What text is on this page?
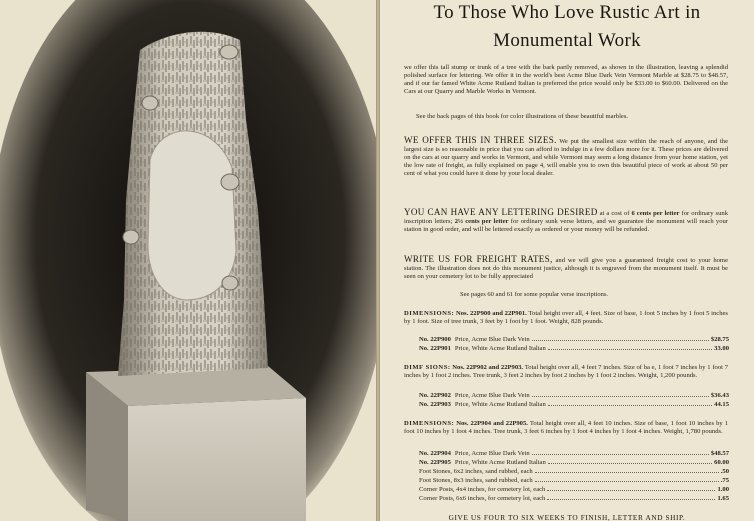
To Those Who Love Rustic Art in
Monumental Work
we offer this tall stump or trunk of a tree with the bark partly removed, as shown in the illustration, leaving a splendid polished surface for lettering. We offer it in the world's best Acme Blue Dark Vein Vermont Marble at $28.75 to $48.57, and if our far famed White Acme Rutland Italian is preferred the price would only be $33.00 to $60.00. Delivered on the Cars at our Quarry and Marble Works in Vermont.
See the back pages of this book for color illustrations of these beautiful marbles.
WE OFFER THIS IN THREE SIZES. We put the smallest size within the reach of anyone, and the largest size is so reasonable in price that you can afford to indulge in a few dollars more for it. These prices are delivered on the cars at our quarry and works in Vermont, and while Vermont may seem a long distance from your home station, yet the low rate of freight, as fully explained on page 4, will enable you to own this beautiful piece of work at about 50 per cent of what you could have it done by your local dealer.
YOU CAN HAVE ANY LETTERING DESIRED at a cost of 6 cents per letter for ordinary sunk inscription letters; 2½ cents per letter for ordinary sunk verse letters, and we guarantee the monument will reach your station in good order, and will be lettered exactly as ordered or your money will be refunded.
WRITE US FOR FREIGHT RATES, and we will give you a guaranteed freight cost to your home station. The illustration does not do this monument justice, although it is engraved from the monument itself. It must be seen on your cemetery lot to be fully appreciated
See pages 60 and 61 for some popular verse inscriptions.
DIMENSIONS: Nos. 22P900 and 22P901. Total height over all, 4 feet. Size of base, 1 foot 5 inches by 1 foot 5 inches by 1 foot. Size of tree trunk, 3 feet by 1 foot by 1 foot. Weight, 828 pounds.
No. 22P900 Price, Acme Blue Dark Vein	$28.75
No. 22P901 Price, White Acme Rutland Italian	33.00
DIMF SIONS: Nos. 22P902 and 22P903. Total height over all, 4 feet 7 inches. Size of ba e, 1 foot 7 inches by 1 foot 7 inches by 1 foot 2 inches. Tree trunk, 3 feet 2 inches by foot 2 inches by 1 foot 2 inches. Weight, 1,200 pounds.
No. 22P902 Price, Acme Blue Dark Vein	$36.43
No. 22P903 Price, White Acme Rutland Italian	44.15
DIMENSIONS: Nos. 22P904 and 22P905. Total height over all, 4 feet 10 inches. Size of base, 1 foot 10 inches by 1 foot 10 inches by 1 foot 4 inches. Tree trunk, 3 feet 6 inches by 1 foot 4 inches by 1 foot 4 inches. Weight, 1,780 pounds.
No. 22P904 Price, Acme Blue Dark Vein	$48.57
No. 22P905 Price, White Acme Rutland Italian	60.00
Foot Stones, 6x2 inches, sand rubbed, each	.50
Foot Stones, 8x3 inches, sand rubbed, each	.75
Corner Posts, 4x4 inches, for cemetery lot, each	1.00
Corner Posts, 6x6 inches, for cemetery lot, each	1.65
GIVE US FOUR TO SIX WEEKS TO FINISH, LETTER AND SHIP.
